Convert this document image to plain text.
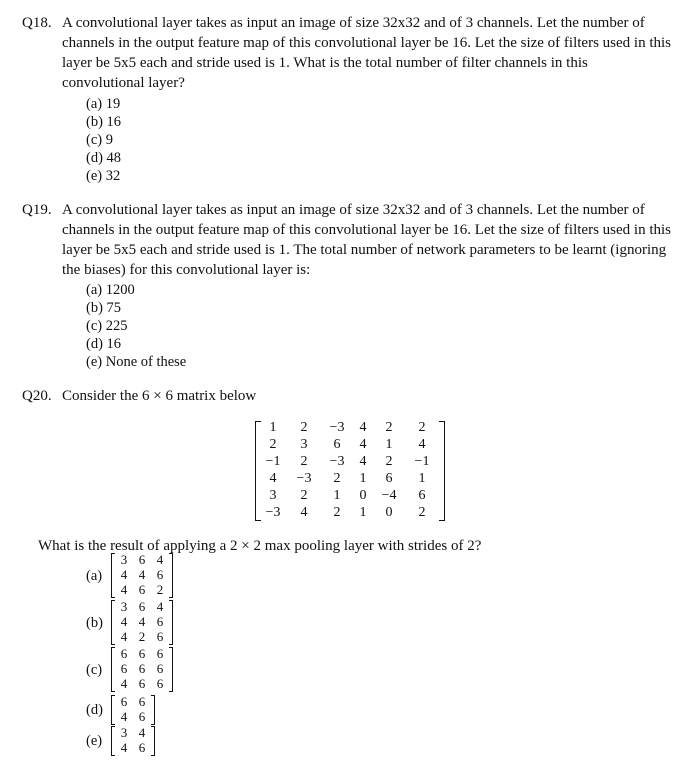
Q18. A convolutional layer takes as input an image of size 32x32 and of 3 channels. Let the number of channels in the output feature map of this convolutional layer be 16. Let the size of filters used in this layer be 5x5 each and stride used is 1. What is the total number of filter channels in this convolutional layer?
(a) 19
(b) 16
(c) 9
(d) 48
(e) 32
Q19. A convolutional layer takes as input an image of size 32x32 and of 3 channels. Let the number of channels in the output feature map of this convolutional layer be 16. Let the size of filters used in this layer be 5x5 each and stride used is 1. The total number of network parameters to be learnt (ignoring the biases) for this convolutional layer is:
(a) 1200
(b) 75
(c) 225
(d) 16
(e) None of these
Q20. Consider the 6 × 6 matrix below
1	2	−3	4	2	2
2	3	6	4	1	4
−1	2	−3	4	2	−1
4	−3	2	1	6	1
3	2	1	0	−4	6
−3	4	2	1	0	2
What is the result of applying a 2 × 2 max pooling layer with strides of 2?
(a)
3	6	4
4	4	6
4	6	2
(b)
3	6	4
4	4	6
4	2	6
(c)
6	6	6
6	6	6
4	6	6
(d)
6	6
4	6
(e)
3	4
4	6
